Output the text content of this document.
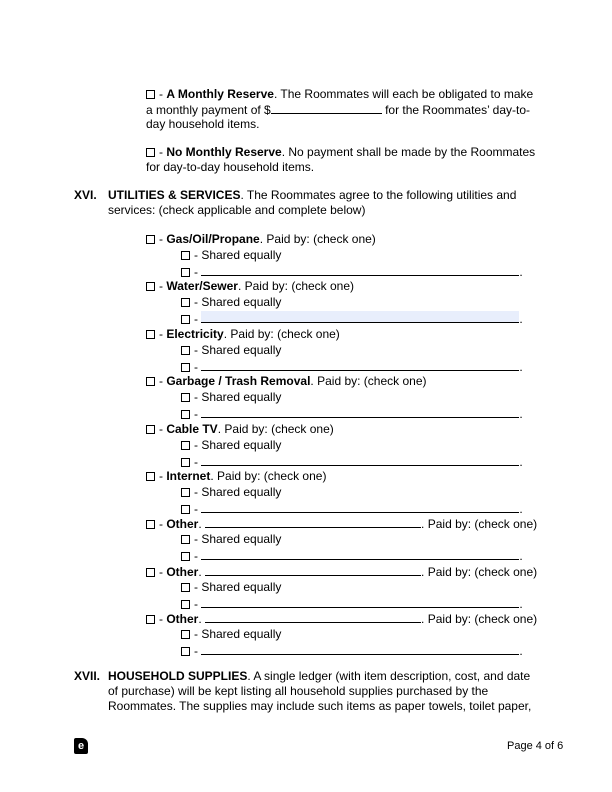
- A Monthly Reserve. The Roommates will each be obligated to make
a monthly payment of $	for the Roommates’ day-to-
day household items.
- No Monthly Reserve. No payment shall be made by the Roommates
for day-to-day household items.
XVI. UTILITIES & SERVICES. The Roommates agree to the following utilities and
services: (check applicable and complete below)
- Gas/Oil/Propane. Paid by: (check one)
- Shared equally
-	.
- Water/Sewer. Paid by: (check one)
- Shared equally
-	.
- Electricity. Paid by: (check one)
- Shared equally
-	.
- Garbage / Trash Removal. Paid by: (check one)
- Shared equally
-	.
- Cable TV. Paid by: (check one)
- Shared equally
-	.
- Internet. Paid by: (check one)
- Shared equally
-	.
- Other.	. Paid by: (check one)
- Shared equally
-	.
- Other.	. Paid by: (check one)
- Shared equally
-	.
- Other.	. Paid by: (check one)
- Shared equally
-	.
XVII. HOUSEHOLD SUPPLIES. A single ledger (with item description, cost, and date
of purchase) will be kept listing all household supplies purchased by the
Roommates. The supplies may include such items as paper towels, toilet paper,
e	Page 4 of 6
